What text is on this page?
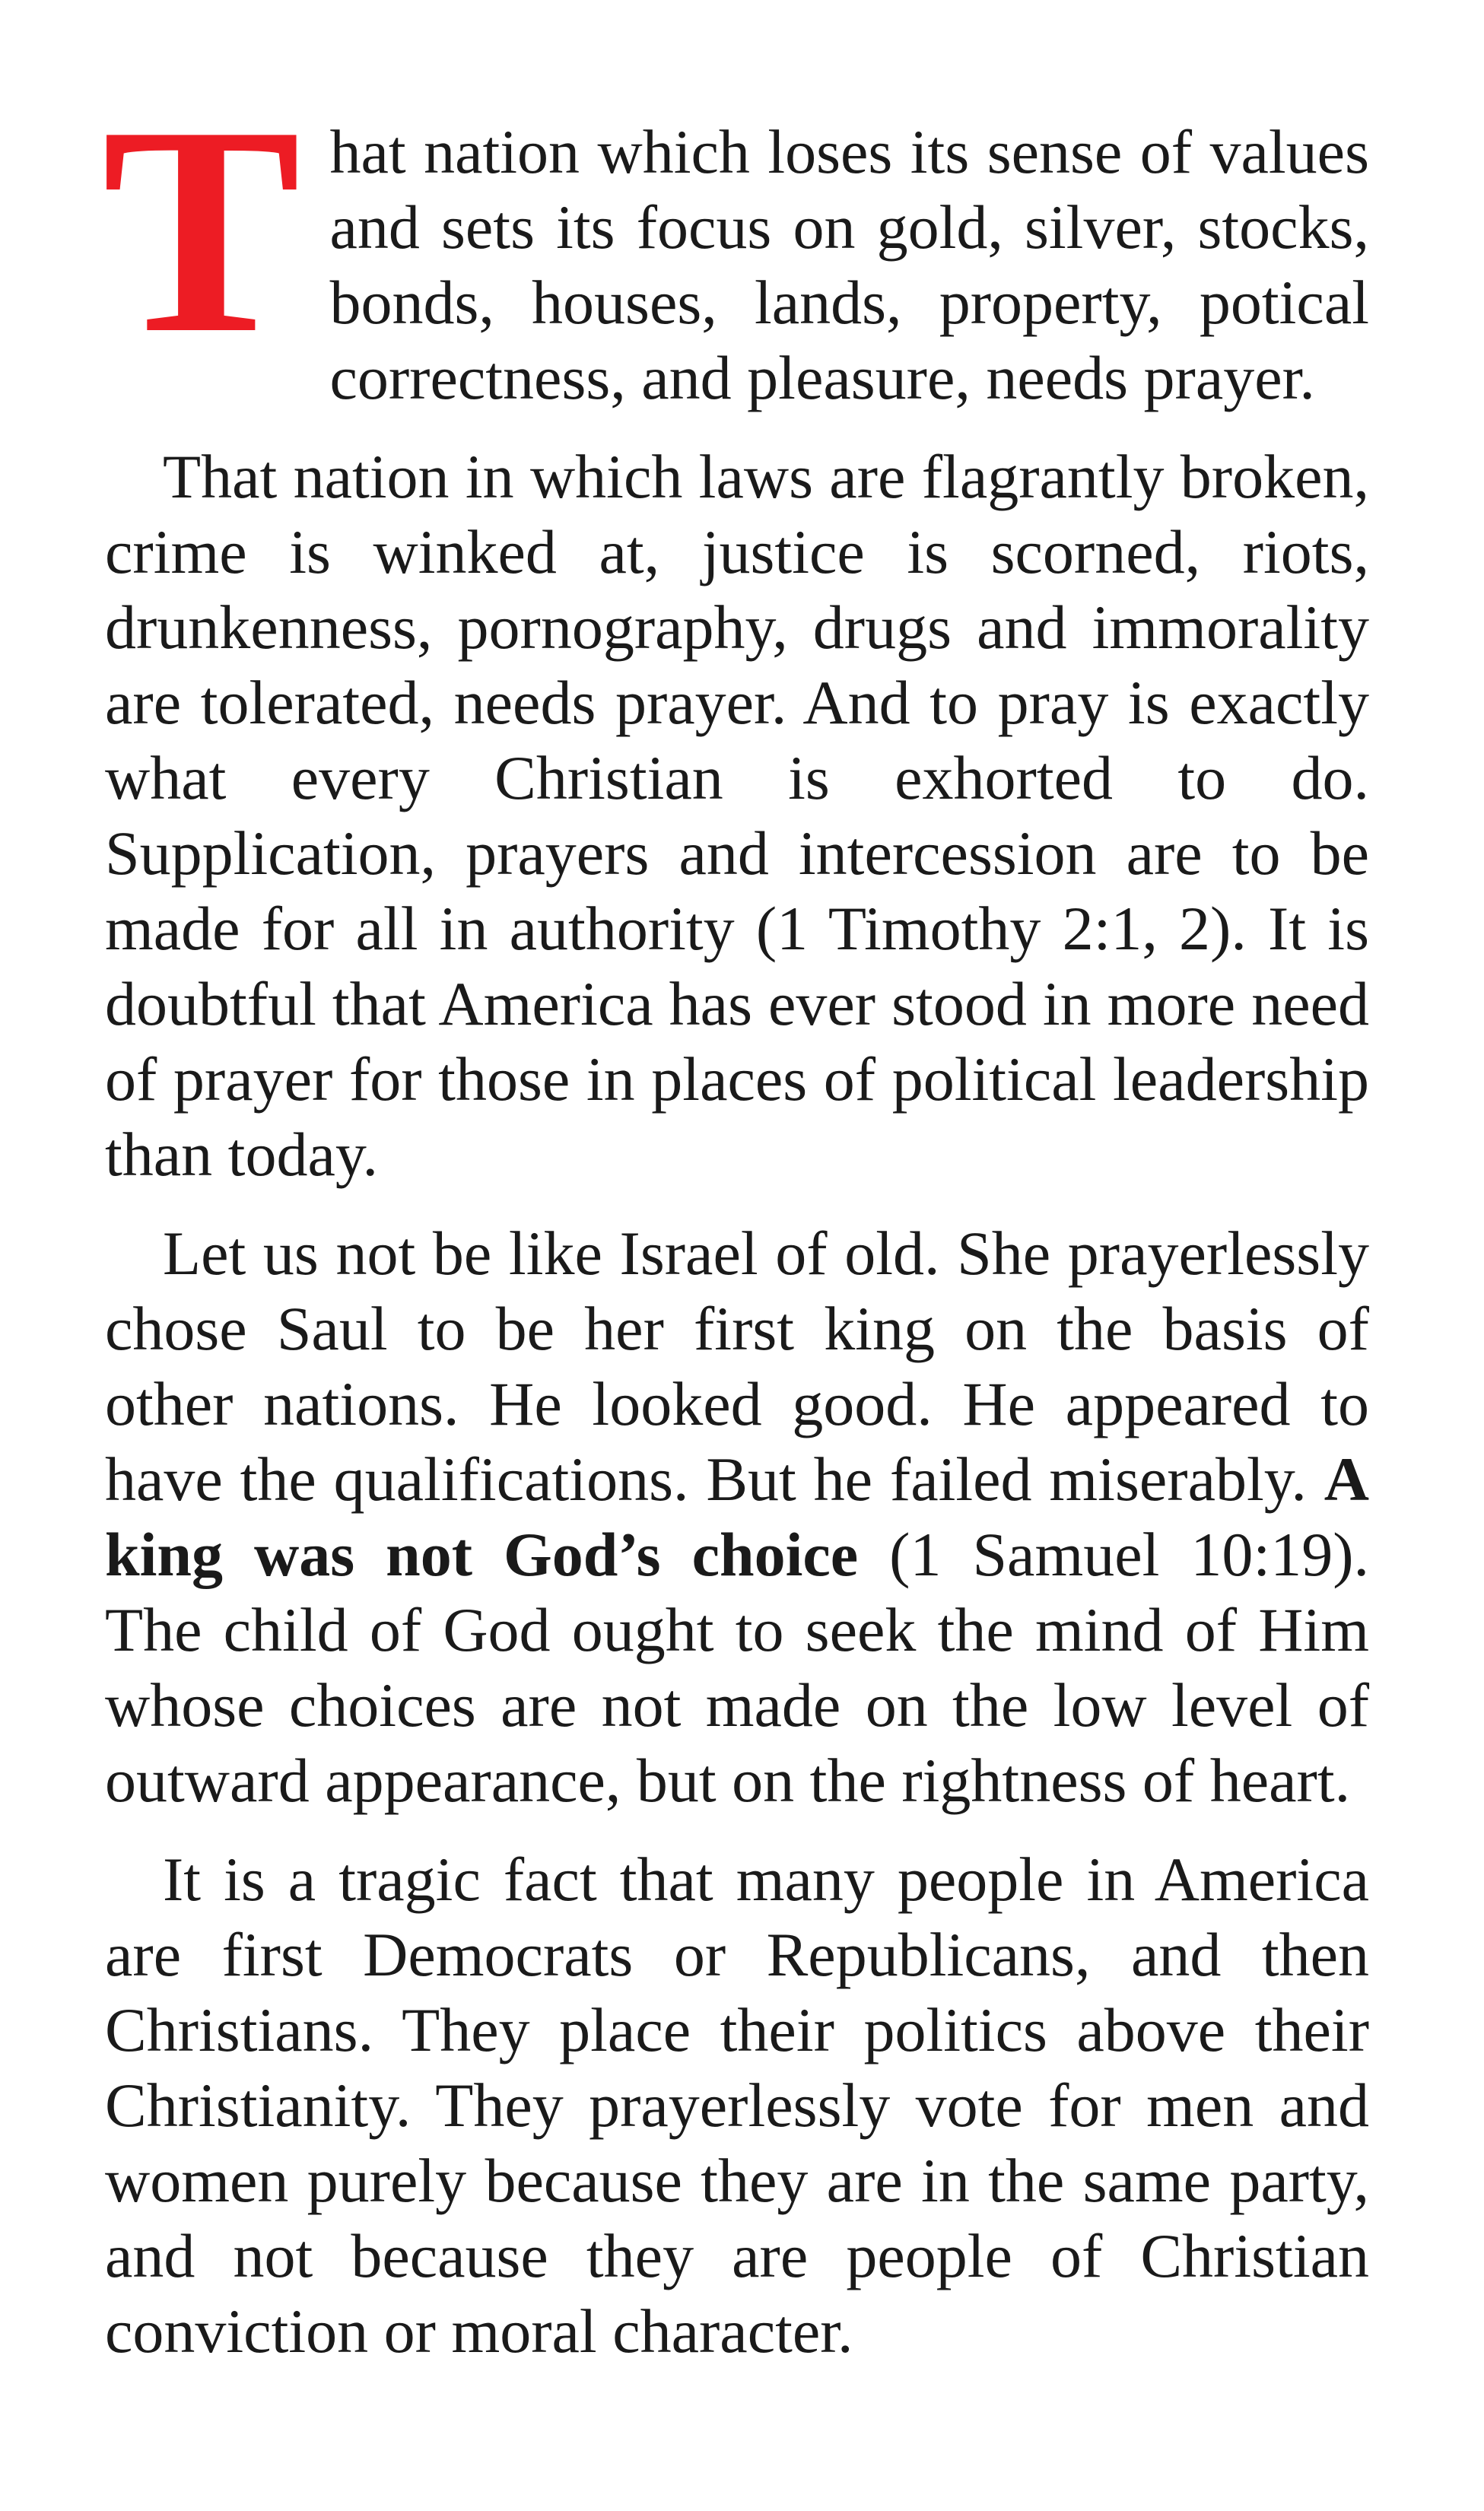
That nation which loses its sense of values and sets its focus on gold, silver, stocks, bonds, houses, lands, property, potical correctness, and pleasure, needs prayer.

That nation in which laws are flagrantly broken, crime is winked at, justice is scorned, riots, drunkenness, pornography, drugs and immorality are tolerated, needs prayer. And to pray is exactly what every Christian is exhorted to do. Supplication, prayers and intercession are to be made for all in authority (1 Timothy 2:1, 2). It is doubtful that America has ever stood in more need of prayer for those in places of political leadership than today.

Let us not be like Israel of old. She prayerlessly chose Saul to be her first king on the basis of other nations. He looked good. He appeared to have the qualifications. But he failed miserably. A king was not God’s choice (1 Samuel 10:19). The child of God ought to seek the mind of Him whose choices are not made on the low level of outward appearance, but on the rightness of heart.

It is a tragic fact that many people in America are first Democrats or Republicans, and then Christians. They place their politics above their Christianity. They prayerlessly vote for men and women purely because they are in the same party, and not because they are people of Christian conviction or moral character.
